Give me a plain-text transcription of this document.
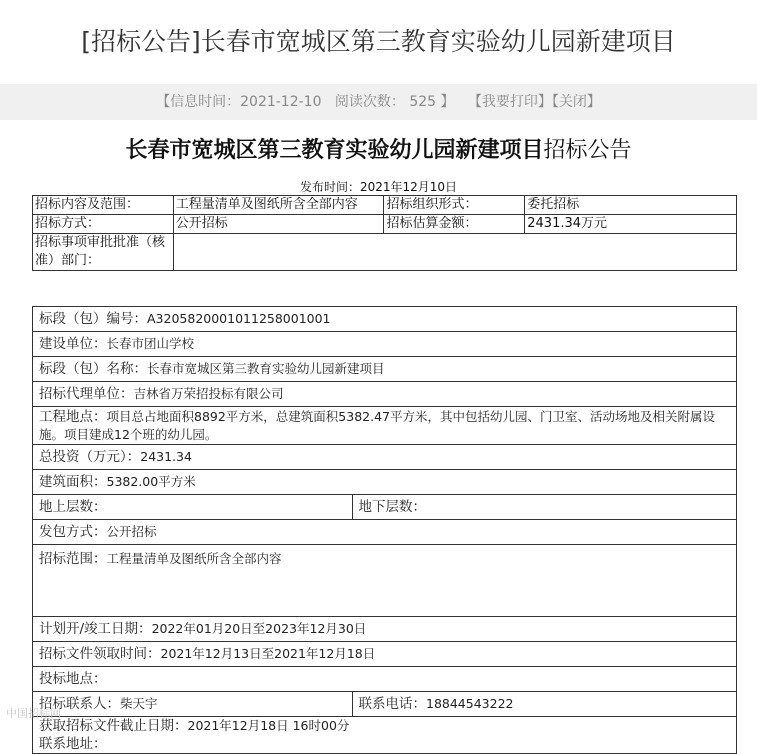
[招标公告]长春市宽城区第三教育实验幼儿园新建项目
【信息时间：2021-12-10 阅读次数： 525 】 【我要打印】【关闭】
长春市宽城区第三教育实验幼儿园新建项目招标公告
发布时间：2021年12月10日
招标内容及范围：	工程量清单及图纸所含全部内容	招标组织形式：	委托招标
招标方式：	公开招标	招标估算金额：	2431.34万元
招标事项审批批准（核准）部门：			
标段（包）编号：A3205820001011258001001	
建设单位：长春市团山学校	
标段（包）名称：长春市宽城区第三教育实验幼儿园新建项目	
招标代理单位：吉林省万荣招投标有限公司	
工程地点：项目总占地面积8892平方米，总建筑面积5382.47平方米，其中包括幼儿园、门卫室、活动场地及相关附属设施。项目建成12个班的幼儿园。	
总投资（万元）：2431.34	
建筑面积：5382.00平方米	
地上层数：	地下层数：
发包方式：公开招标	
招标范围：工程量清单及图纸所含全部内容	
计划开/竣工日期：2022年01月20日至2023年12月30日	
招标文件领取时间：2021年12月13日至2021年12月18日	
投标地点：	
招标联系人：柴天宇	联系电话：18844543222
获取招标文件截止日期：2021年12月18日 16时00分
联系地址：	
中国招标网
